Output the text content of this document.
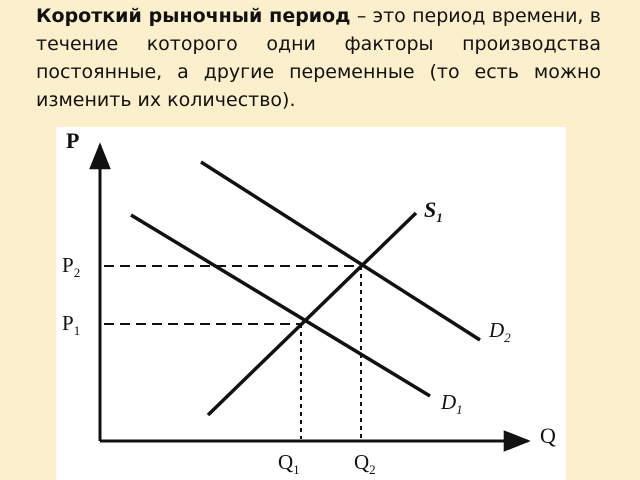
Короткий рыночный период – это период времени, в течение которого одни факторы производства постоянные, а другие переменные (то есть можно изменить их количество).

P
Q
$P_2$
$P_1$
$Q_1$	$Q_2$
$S_1$
$D_2$
$D_1$
